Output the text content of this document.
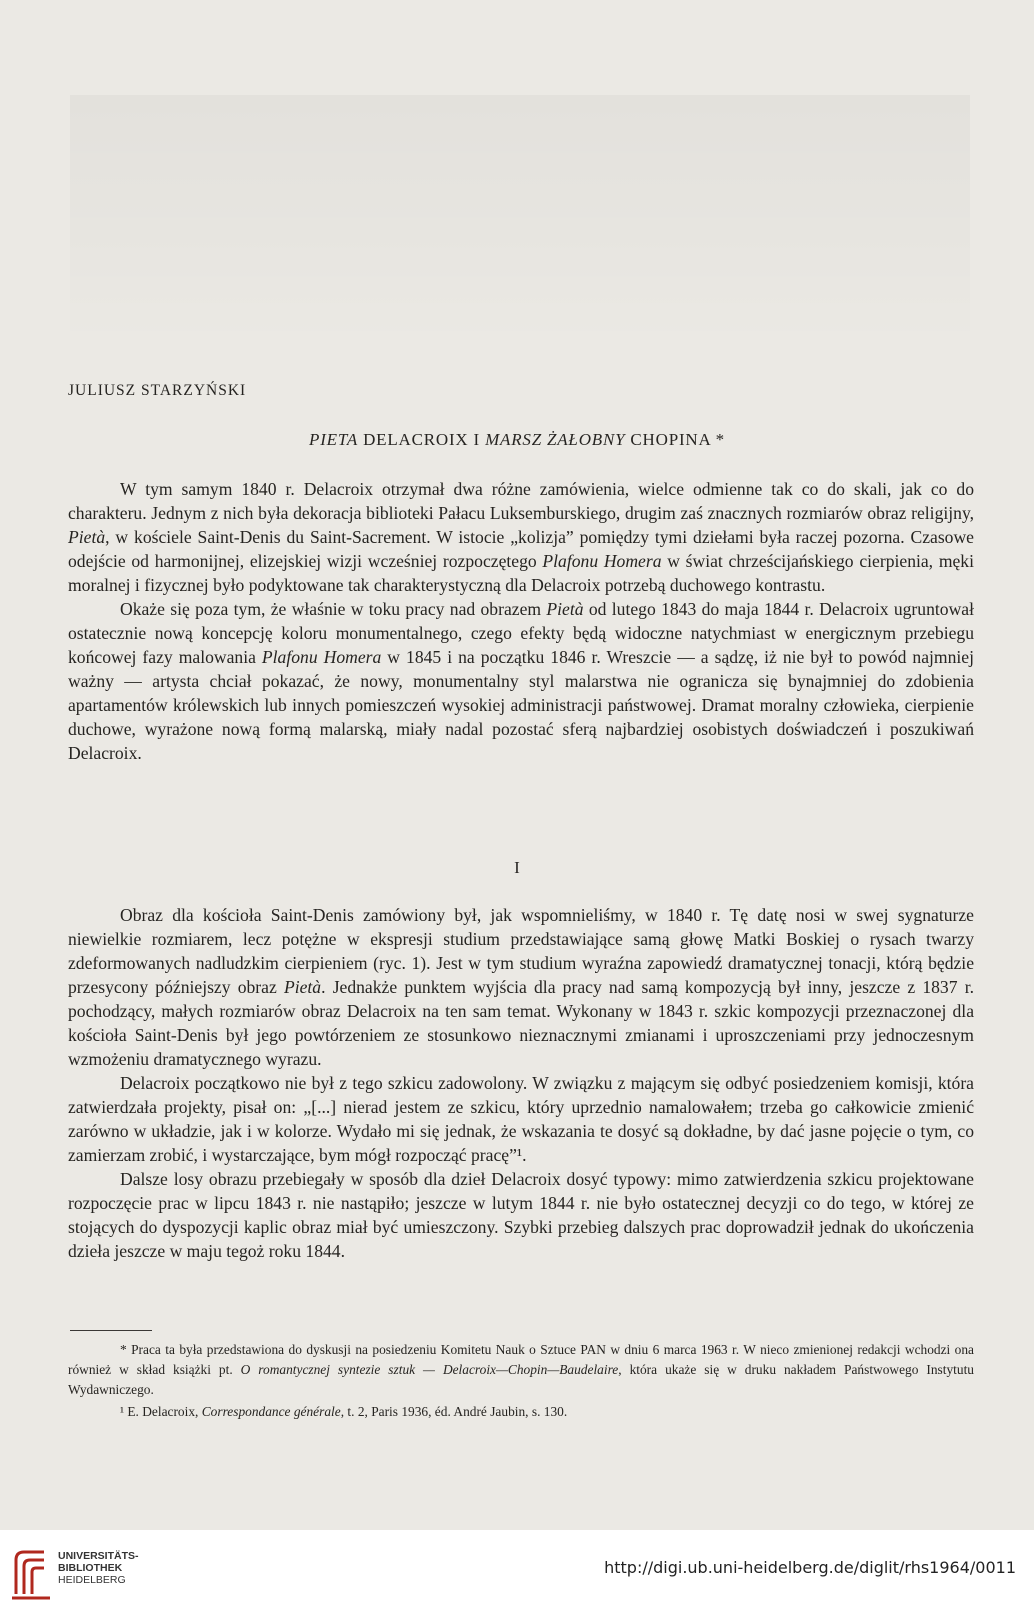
JULIUSZ STARZYŃSKI
PIETA DELACROIX I MARSZ ŻAŁOBNY CHOPINA *

W tym samym 1840 r. Delacroix otrzymał dwa różne zamówienia, wielce odmienne tak co do skali, jak co do charakteru. Jednym z nich była dekoracja biblioteki Pałacu Luksemburskiego, drugim zaś znacznych rozmiarów obraz religijny, Pietà, w kościele Saint-Denis du Saint-Sacrement. W istocie „kolizja” pomiędzy tymi dziełami była raczej pozorna. Czasowe odejście od harmonijnej, elizejskiej wizji wcześniej rozpoczętego Plafonu Homera w świat chrześcijańskiego cierpienia, męki moralnej i fizycznej było podyktowane tak charakterystyczną dla Delacroix potrzebą duchowego kontrastu.

Okaże się poza tym, że właśnie w toku pracy nad obrazem Pietà od lutego 1843 do maja 1844 r. Delacroix ugruntował ostatecznie nową koncepcję koloru monumentalnego, czego efekty będą widoczne natychmiast w energicznym przebiegu końcowej fazy malowania Plafonu Homera w 1845 i na początku 1846 r. Wreszcie — a sądzę, iż nie był to powód najmniej ważny — artysta chciał pokazać, że nowy, monumentalny styl malarstwa nie ogranicza się bynajmniej do zdobienia apartamentów królewskich lub innych pomieszczeń wysokiej administracji państwowej. Dramat moralny człowieka, cierpienie duchowe, wyrażone nową formą malarską, miały nadal pozostać sferą najbardziej osobistych doświadczeń i poszukiwań Delacroix.

I

Obraz dla kościoła Saint-Denis zamówiony był, jak wspomnieliśmy, w 1840 r. Tę datę nosi w swej sygnaturze niewielkie rozmiarem, lecz potężne w ekspresji studium przedstawiające samą głowę Matki Boskiej o rysach twarzy zdeformowanych nadludzkim cierpieniem (ryc. 1). Jest w tym studium wyraźna zapowiedź dramatycznej tonacji, którą będzie przesycony późniejszy obraz Pietà. Jednakże punktem wyjścia dla pracy nad samą kompozycją był inny, jeszcze z 1837 r. pochodzący, małych rozmiarów obraz Delacroix na ten sam temat. Wykonany w 1843 r. szkic kompozycji przeznaczonej dla kościoła Saint-Denis był jego powtórzeniem ze stosunkowo nieznacznymi zmianami i uproszczeniami przy jednoczesnym wzmożeniu dramatycznego wyrazu.

Delacroix początkowo nie był z tego szkicu zadowolony. W związku z mającym się odbyć posiedzeniem komisji, która zatwierdzała projekty, pisał on: „[...] nierad jestem ze szkicu, który uprzednio namalowałem; trzeba go całkowicie zmienić zarówno w układzie, jak i w kolorze. Wydało mi się jednak, że wskazania te dosyć są dokładne, by dać jasne pojęcie o tym, co zamierzam zrobić, i wystarczające, bym mógł rozpocząć pracę”¹.

Dalsze losy obrazu przebiegały w sposób dla dzieł Delacroix dosyć typowy: mimo zatwierdzenia szkicu projektowane rozpoczęcie prac w lipcu 1843 r. nie nastąpiło; jeszcze w lutym 1844 r. nie było ostatecznej decyzji co do tego, w której ze stojących do dyspozycji kaplic obraz miał być umieszczony. Szybki przebieg dalszych prac doprowadził jednak do ukończenia dzieła jeszcze w maju tegoż roku 1844.

* Praca ta była przedstawiona do dyskusji na posiedzeniu Komitetu Nauk o Sztuce PAN w dniu 6 marca 1963 r. W nieco zmienionej redakcji wchodzi ona również w skład książki pt. O romantycznej syntezie sztuk — Delacroix—Chopin—Baudelaire, która ukaże się w druku nakładem Państwowego Instytutu Wydawniczego.

¹ E. Delacroix, Correspondance générale, t. 2, Paris 1936, éd. André Jaubin, s. 130.

UNIVERSITÄTS-
BIBLIOTHEK
HEIDELBERG
http://digi.ub.uni-heidelberg.de/diglit/rhs1964/0011
